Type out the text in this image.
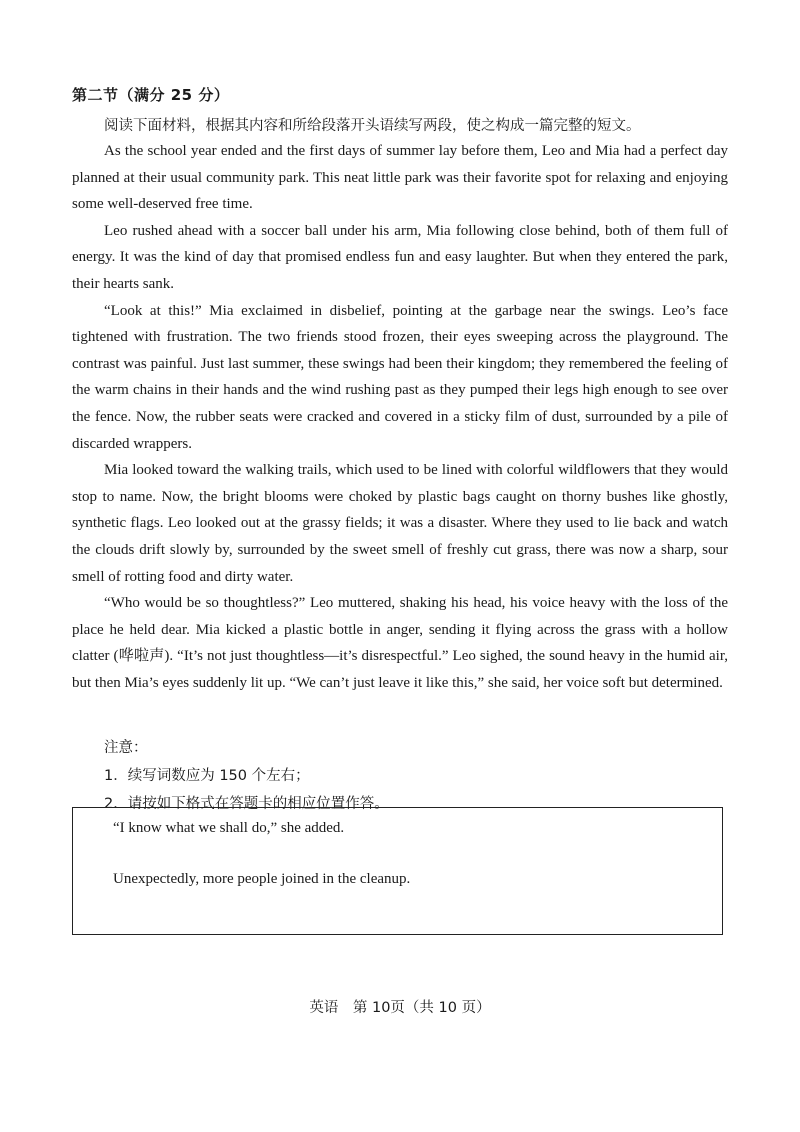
第二节（满分 25 分）
阅读下面材料，根据其内容和所给段落开头语续写两段，使之构成一篇完整的短文。

As the school year ended and the first days of summer lay before them, Leo and Mia had a perfect day planned at their usual community park. This neat little park was their favorite spot for relaxing and enjoying some well-deserved free time.

Leo rushed ahead with a soccer ball under his arm, Mia following close behind, both of them full of energy. It was the kind of day that promised endless fun and easy laughter. But when they entered the park, their hearts sank.

“Look at this!” Mia exclaimed in disbelief, pointing at the garbage near the swings. Leo’s face tightened with frustration. The two friends stood frozen, their eyes sweeping across the playground. The contrast was painful. Just last summer, these swings had been their kingdom; they remembered the feeling of the warm chains in their hands and the wind rushing past as they pumped their legs high enough to see over the fence. Now, the rubber seats were cracked and covered in a sticky film of dust, surrounded by a pile of discarded wrappers.

Mia looked toward the walking trails, which used to be lined with colorful wildflowers that they would stop to name. Now, the bright blooms were choked by plastic bags caught on thorny bushes like ghostly, synthetic flags. Leo looked out at the grassy fields; it was a disaster. Where they used to lie back and watch the clouds drift slowly by, surrounded by the sweet smell of freshly cut grass, there was now a sharp, sour smell of rotting food and dirty water.

“Who would be so thoughtless?” Leo muttered, shaking his head, his voice heavy with the loss of the place he held dear. Mia kicked a plastic bottle in anger, sending it flying across the grass with a hollow clatter (哗啦声). “It’s not just thoughtless—it’s disrespectful.” Leo sighed, the sound heavy in the humid air, but then Mia’s eyes suddenly lit up. “We can’t just leave it like this,” she said, her voice soft but determined.

注意：
1．续写词数应为 150 个左右；
2．请按如下格式在答题卡的相应位置作答。
“I know what we shall do,” she added.
Unexpectedly, more people joined in the cleanup.
英语　第 10页（共 10 页）
